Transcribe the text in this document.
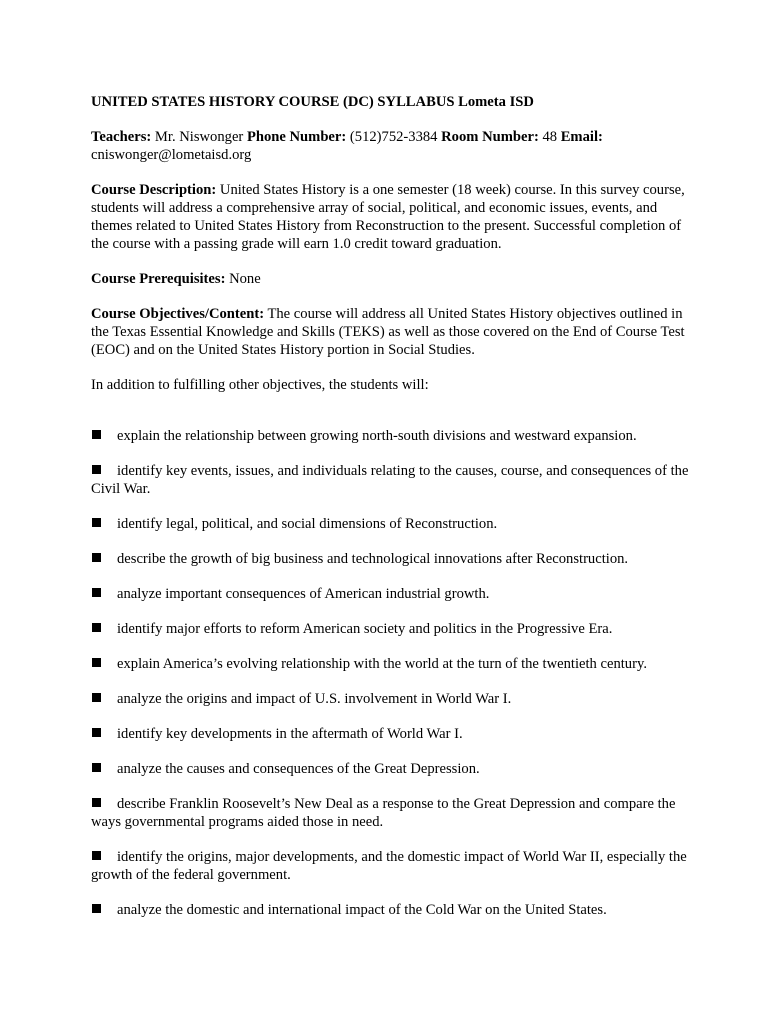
UNITED STATES HISTORY COURSE (DC) SYLLABUS Lometa ISD
Teachers: Mr. Niswonger Phone Number: (512)752-3384 Room Number: 48 Email:
cniswonger@lometaisd.org
Course Description: United States History is a one semester (18 week) course. In this survey course, students will address a comprehensive array of social, political, and economic issues, events, and themes related to United States History from Reconstruction to the present. Successful completion of the course with a passing grade will earn 1.0 credit toward graduation.
Course Prerequisites: None
Course Objectives/Content: The course will address all United States History objectives outlined in the Texas Essential Knowledge and Skills (TEKS) as well as those covered on the End of Course Test (EOC) and on the United States History portion in Social Studies.
In addition to fulfilling other objectives, the students will:
explain the relationship between growing north-south divisions and westward expansion.
identify key events, issues, and individuals relating to the causes, course, and consequences of the Civil War.
identify legal, political, and social dimensions of Reconstruction.
describe the growth of big business and technological innovations after Reconstruction.
analyze important consequences of American industrial growth.
identify major efforts to reform American society and politics in the Progressive Era.
explain America’s evolving relationship with the world at the turn of the twentieth century.
analyze the origins and impact of U.S. involvement in World War I.
identify key developments in the aftermath of World War I.
analyze the causes and consequences of the Great Depression.
describe Franklin Roosevelt’s New Deal as a response to the Great Depression and compare the ways governmental programs aided those in need.
identify the origins, major developments, and the domestic impact of World War II, especially the growth of the federal government.
analyze the domestic and international impact of the Cold War on the United States.
